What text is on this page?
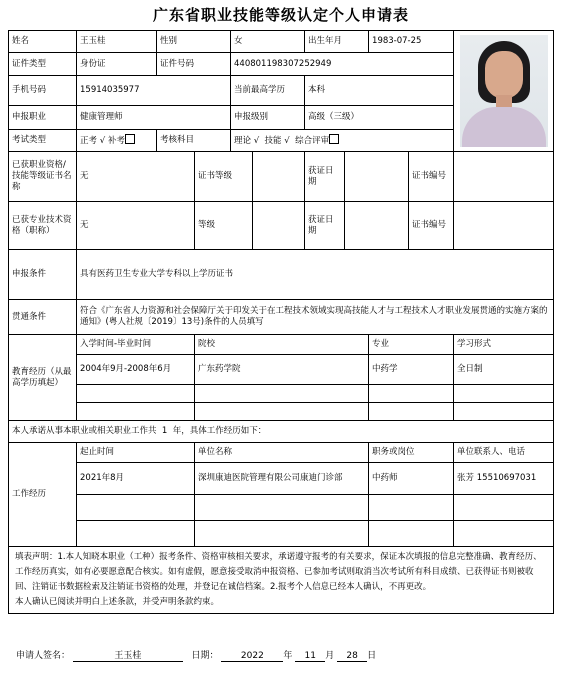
广东省职业技能等级认定个人申请表
姓名	王玉桂	性别		女		出生年月		1983-07-25		

证件类型	身份证	证件号码		440801198307252949						
手机号码	15914035977			当前最高学历		本科				
申报职业	健康管理师			申报级别		高级（三级）				
考试类型	正考 √ 补考	考核科目		理论 √ 技能 √ 综合评审						
已获职业资格/技能等级证书名称	无		证书等级			获证日期			证书编号	
已获专业技术资格（职称）	无		等级			获证日期			证书编号	
申报条件	具有医药卫生专业大学专科以上学历证书									
贯通条件	符合《广东省人力资源和社会保障厅关于印发关于在工程技术领域实现高技能人才与工程技术人才职业发展贯通的实施方案的通知》(粤人社规〔2019〕13号)条件的人员填写									
教育经历（从最高学历填起）	入学时间-毕业时间		院校					专业		学习形式
	2004年9月-2008年6月		广东药学院					中药学		全日制

本人承诺从事本职业或相关职业工作共 1 年，具体工作经历如下：										
工作经历	起止时间		单位名称					职务或岗位		单位联系人、电话
	2021年8月		深圳康迪医院管理有限公司康迪门诊部					中药师		张芳 15510697031

填表声明：1.本人知晓本职业（工种）报考条件、资格审核相关要求，承诺遵守报考的有关要求，保证本次填报的信息完整准确、教育经历、工作经历真实，如有必要愿意配合核实。如有虚假，愿意接受取消申报资格、已参加考试则取消当次考试所有科目成绩、已获得证书则被收回、注销证书数据检索及注销证书资格的处理，并登记在诚信档案。2.报考个人信息已经本人确认，不再更改。
本人确认已阅读并明白上述条款，并受声明条款约束。										
申请人签名：	王玉桂	日期： 2022 年 11 月 28 日
